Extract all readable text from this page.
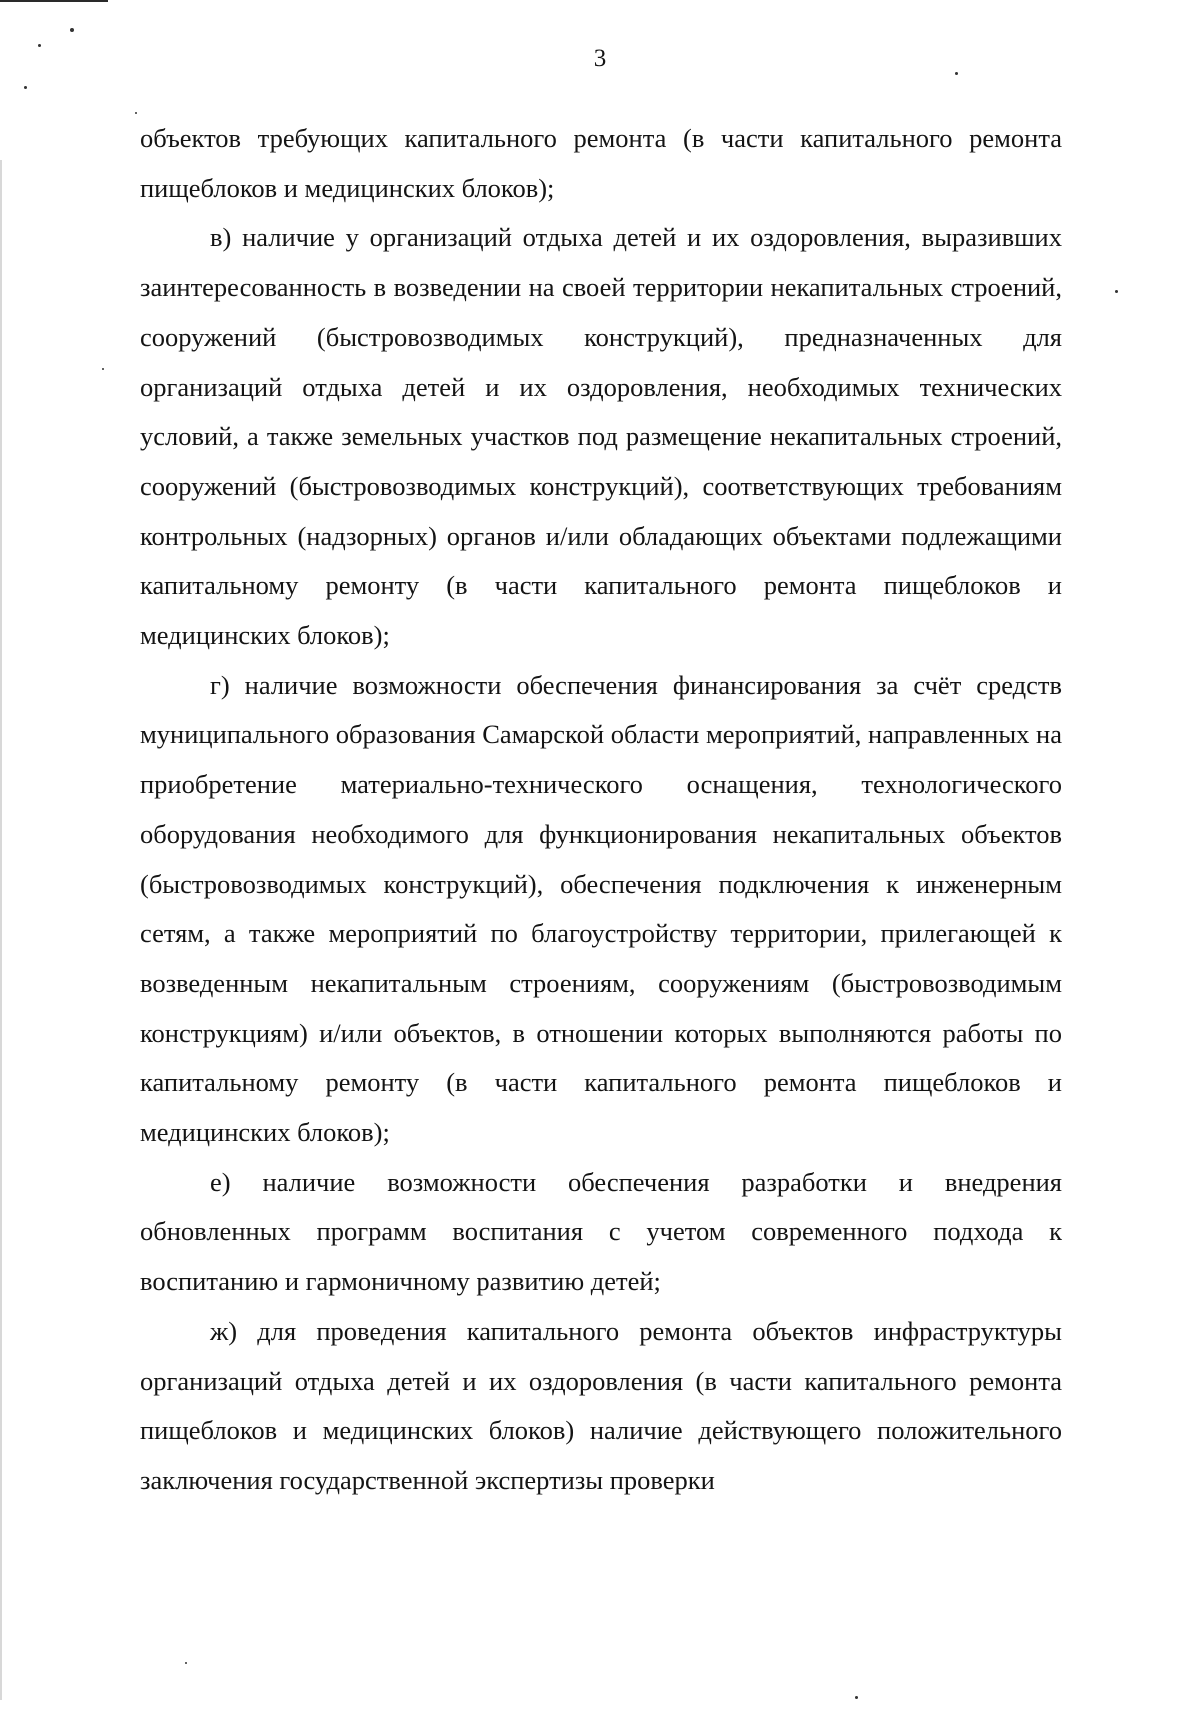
3

объектов требующих капитального ремонта (в части капитального ремонта пищеблоков и медицинских блоков);

в) наличие у организаций отдыха детей и их оздоровления, выразивших заинтересованность в возведении на своей территории некапитальных строений, сооружений (быстровозводимых конструкций), предназначенных для организаций отдыха детей и их оздоровления, необходимых технических условий, а также земельных участков под размещение некапитальных строений, сооружений (быстровозводимых конструкций), соответствующих требованиям контрольных (надзорных) органов и/или обладающих объектами подлежащими капитальному ремонту (в части капитального ремонта пищеблоков и медицинских блоков);

г) наличие возможности обеспечения финансирования за счёт средств муниципального образования Самарской области мероприятий, направленных на приобретение материально-технического оснащения, технологического оборудования необходимого для функционирования некапитальных объектов (быстровозводимых конструкций), обеспечения подключения к инженерным сетям, а также мероприятий по благоустройству территории, прилегающей к возведенным некапитальным строениям, сооружениям (быстровозводимым конструкциям) и/или объектов, в отношении которых выполняются работы по капитальному ремонту (в части капитального ремонта пищеблоков и медицинских блоков);

е) наличие возможности обеспечения разработки и внедрения обновленных программ воспитания с учетом современного подхода к воспитанию и гармоничному развитию детей;

ж) для проведения капитального ремонта объектов инфраструктуры организаций отдыха детей и их оздоровления (в части капитального ремонта пищеблоков и медицинских блоков) наличие действующего положительного заключения государственной экспертизы проверки
